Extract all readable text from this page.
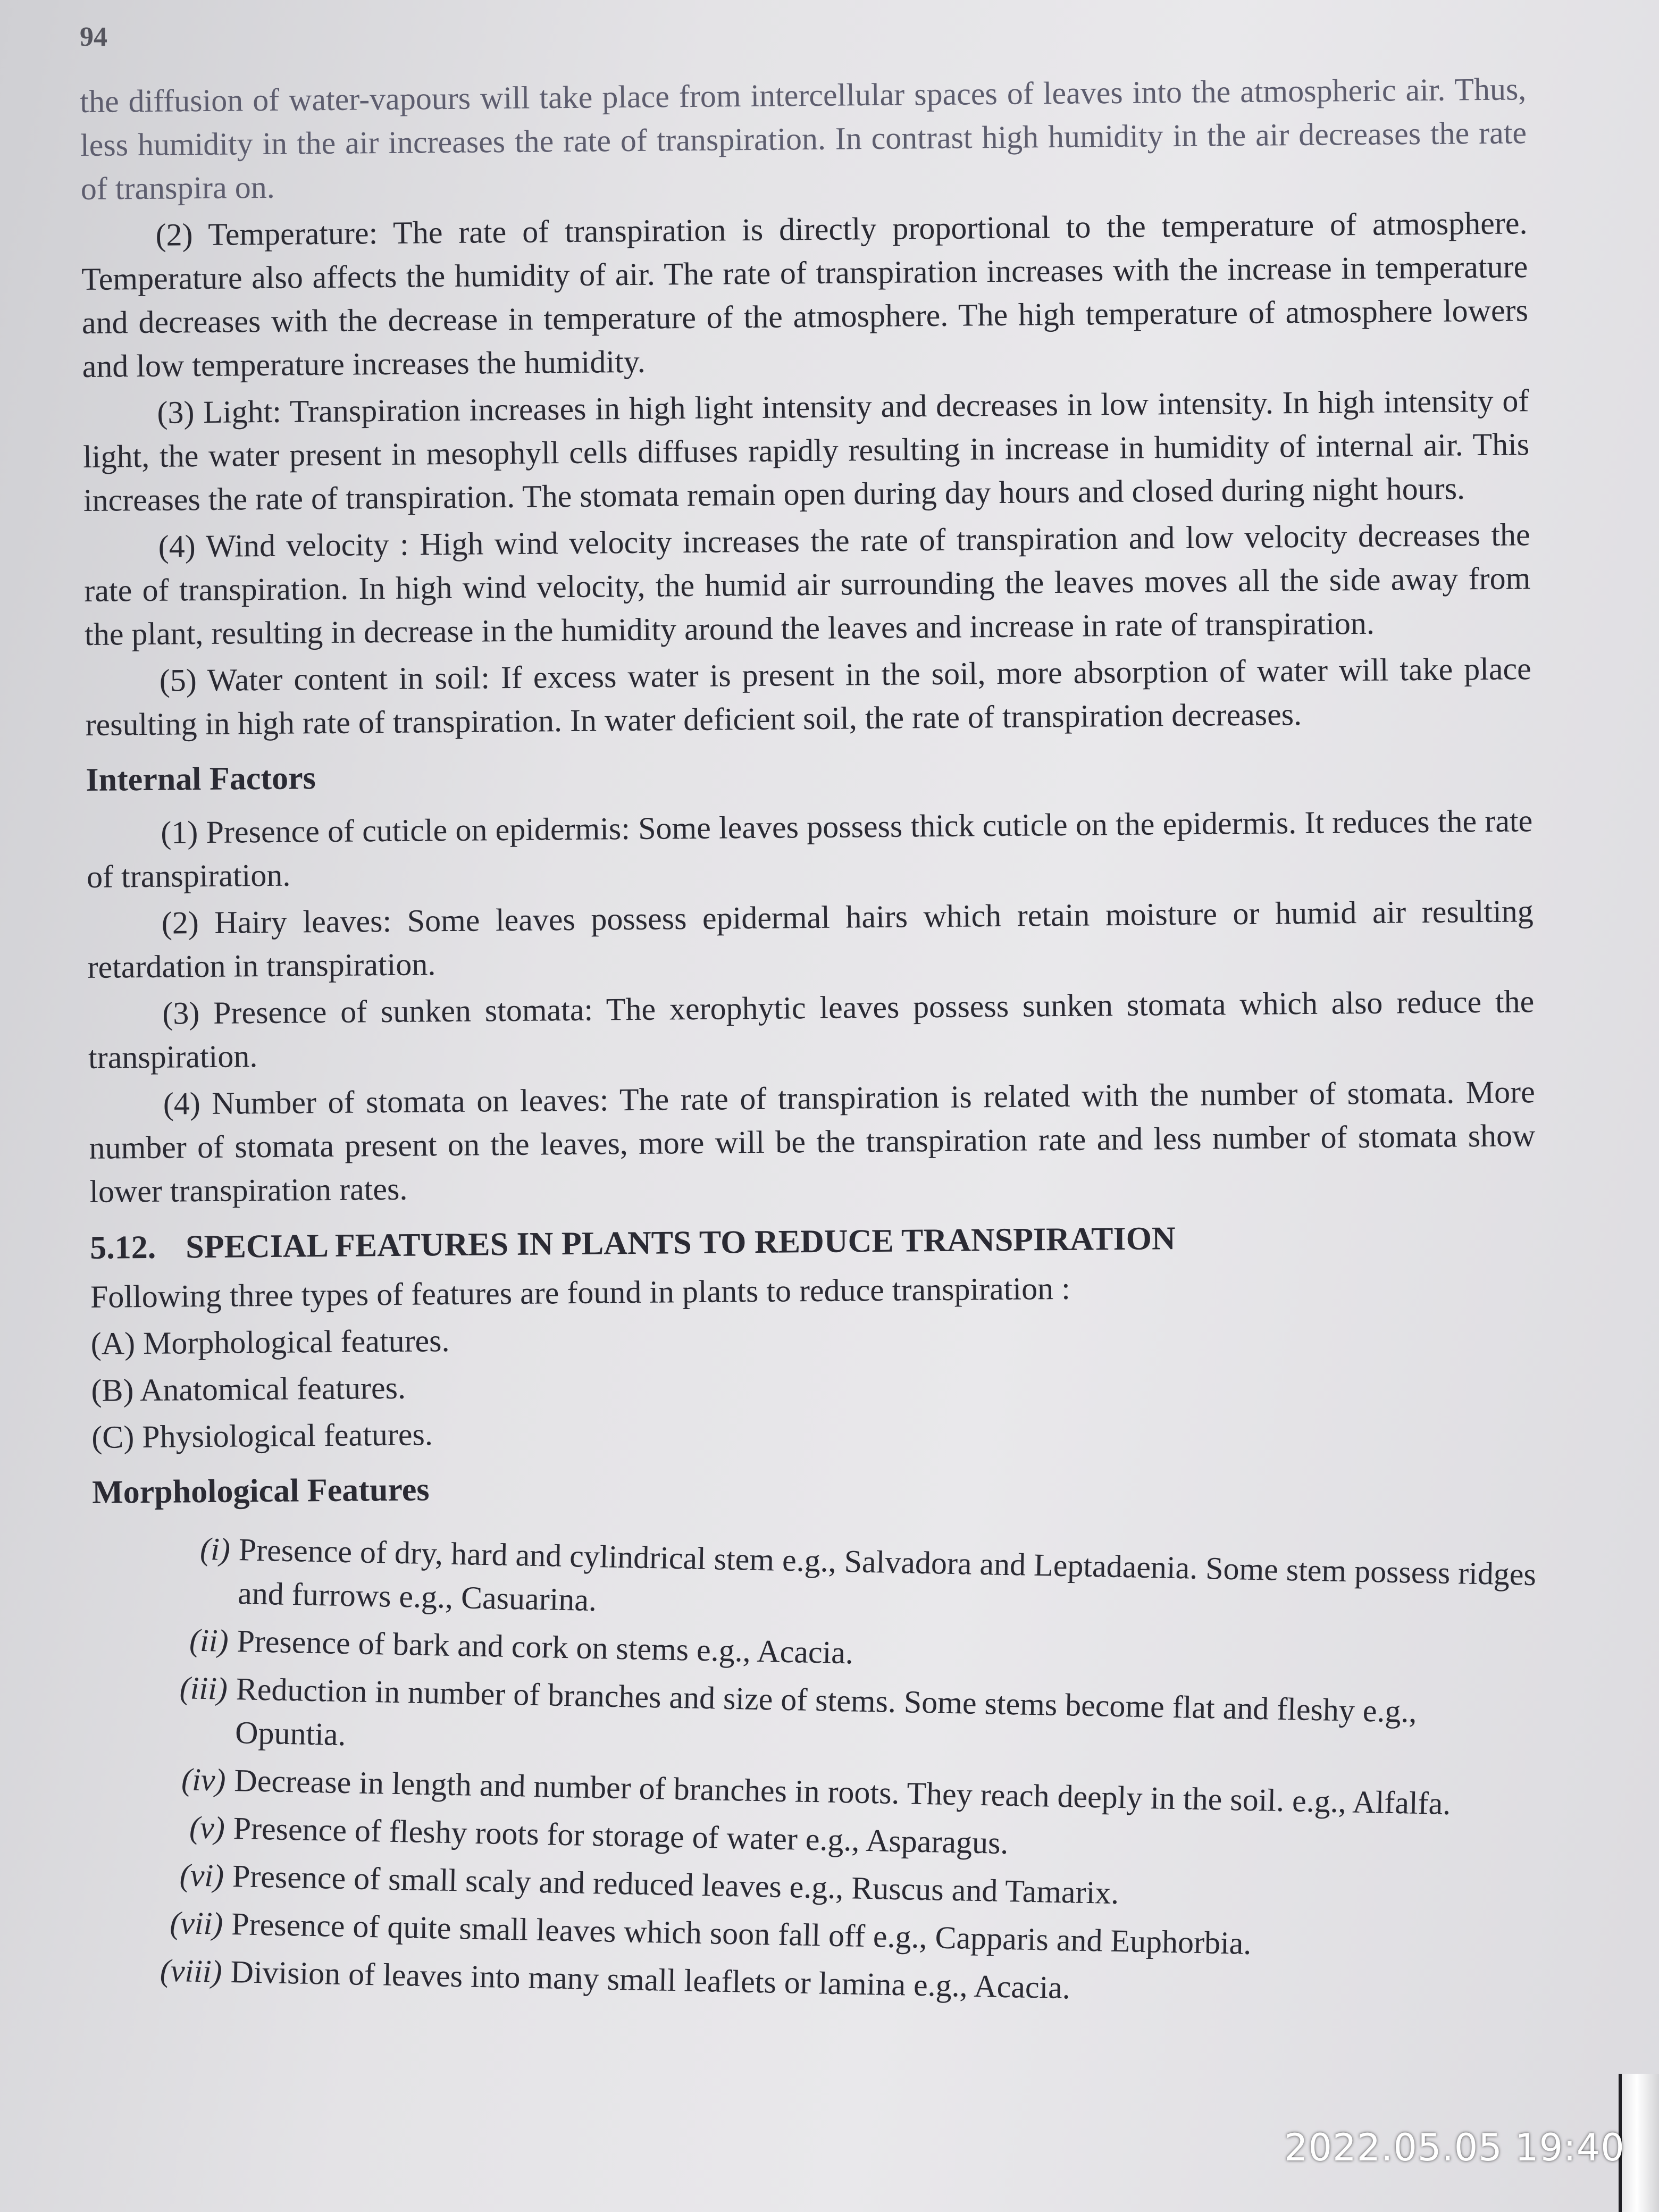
94

the diffusion of water-vapours will take place from intercellular spaces of leaves into the atmospheric air. Thus, less humidity in the air increases the rate of transpiration. In contrast high humidity in the air decreases the rate of transpira on.

(2) Temperature: The rate of transpiration is directly proportional to the temperature of atmosphere. Temperature also affects the humidity of air. The rate of transpiration increases with the increase in temperature and decreases with the decrease in temperature of the atmosphere. The high temperature of atmosphere lowers and low temperature increases the humidity.

(3) Light: Transpiration increases in high light intensity and decreases in low intensity. In high intensity of light, the water present in mesophyll cells diffuses rapidly resulting in increase in humidity of internal air. This increases the rate of transpiration. The stomata remain open during day hours and closed during night hours.

(4) Wind velocity : High wind velocity increases the rate of transpiration and low velocity decreases the rate of transpiration. In high wind velocity, the humid air surrounding the leaves moves all the side away from the plant, resulting in decrease in the humidity around the leaves and increase in rate of transpiration.

(5) Water content in soil: If excess water is present in the soil, more absorption of water will take place resulting in high rate of transpiration. In water deficient soil, the rate of transpiration decreases.

Internal Factors

(1) Presence of cuticle on epidermis: Some leaves possess thick cuticle on the epidermis. It reduces the rate of transpiration.

(2) Hairy leaves: Some leaves possess epidermal hairs which retain moisture or humid air resulting retardation in transpiration.

(3) Presence of sunken stomata: The xerophytic leaves possess sunken stomata which also reduce the transpiration.

(4) Number of stomata on leaves: The rate of transpiration is related with the number of stomata. More number of stomata present on the leaves, more will be the transpiration rate and less number of stomata show lower transpiration rates.

5.12. SPECIAL FEATURES IN PLANTS TO REDUCE TRANSPIRATION

Following three types of features are found in plants to reduce transpiration :

(A) Morphological features.

(B) Anatomical features.

(C) Physiological features.

Morphological Features
(i) Presence of dry, hard and cylindrical stem e.g., Salvadora and Leptadaenia. Some stem possess ridges and furrows e.g., Casuarina.
(ii) Presence of bark and cork on stems e.g., Acacia.
(iii) Reduction in number of branches and size of stems. Some stems become flat and fleshy e.g., Opuntia.
(iv) Decrease in length and number of branches in roots. They reach deeply in the soil. e.g., Alfalfa.
(v) Presence of fleshy roots for storage of water e.g., Asparagus.
(vi) Presence of small scaly and reduced leaves e.g., Ruscus and Tamarix.
(vii) Presence of quite small leaves which soon fall off e.g., Capparis and Euphorbia.
(viii) Division of leaves into many small leaflets or lamina e.g., Acacia.
2022.05.05 19:40
